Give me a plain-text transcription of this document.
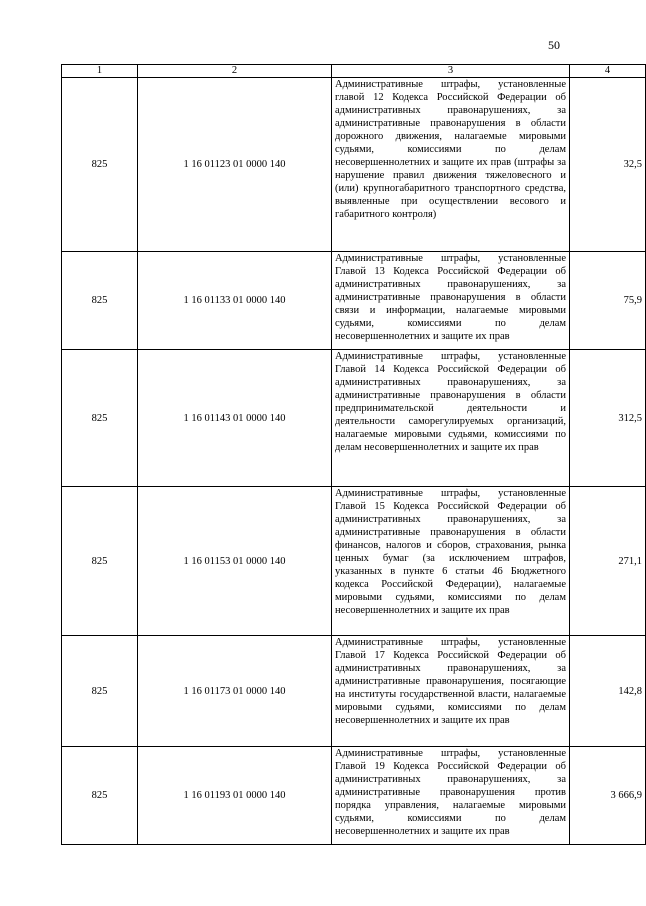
50
1	2	3	4
825	1 16 01123 01 0000 140	Административные штрафы, установленные главой 12 Кодекса Российской Федерации об административных правонарушениях, за административные правонарушения в области дорожного движения, налагаемые мировыми судьями, комиссиями по делам несовершеннолетних и защите их прав (штрафы за нарушение правил движения тяжеловесного и (или) крупногабаритного транспортного средства, выявленные при осуществлении весового и габаритного контроля)	32,5
825	1 16 01133 01 0000 140	Административные штрафы, установленные Главой 13 Кодекса Российской Федерации об административных правонарушениях, за административные правонарушения в области связи и информации, налагаемые мировыми судьями, комиссиями по делам несовершеннолетних и защите их прав	75,9
825	1 16 01143 01 0000 140	Административные штрафы, установленные Главой 14 Кодекса Российской Федерации об административных правонарушениях, за административные правонарушения в области предпринимательской деятельности и деятельности саморегулируемых организаций, налагаемые мировыми судьями, комиссиями по делам несовершеннолетних и защите их прав	312,5
825	1 16 01153 01 0000 140	Административные штрафы, установленные Главой 15 Кодекса Российской Федерации об административных правонарушениях, за административные правонарушения в области финансов, налогов и сборов, страхования, рынка ценных бумаг (за исключением штрафов, указанных в пункте 6 статьи 46 Бюджетного кодекса Российской Федерации), налагаемые мировыми судьями, комиссиями по делам несовершеннолетних и защите их прав	271,1
825	1 16 01173 01 0000 140	Административные штрафы, установленные Главой 17 Кодекса Российской Федерации об административных правонарушениях, за административные правонарушения, посягающие на институты государственной власти, налагаемые мировыми судьями, комиссиями по делам несовершеннолетних и защите их прав	142,8
825	1 16 01193 01 0000 140	Административные штрафы, установленные Главой 19 Кодекса Российской Федерации об административных правонарушениях, за административные правонарушения против порядка управления, налагаемые мировыми судьями, комиссиями по делам несовершеннолетних и защите их прав	3 666,9
